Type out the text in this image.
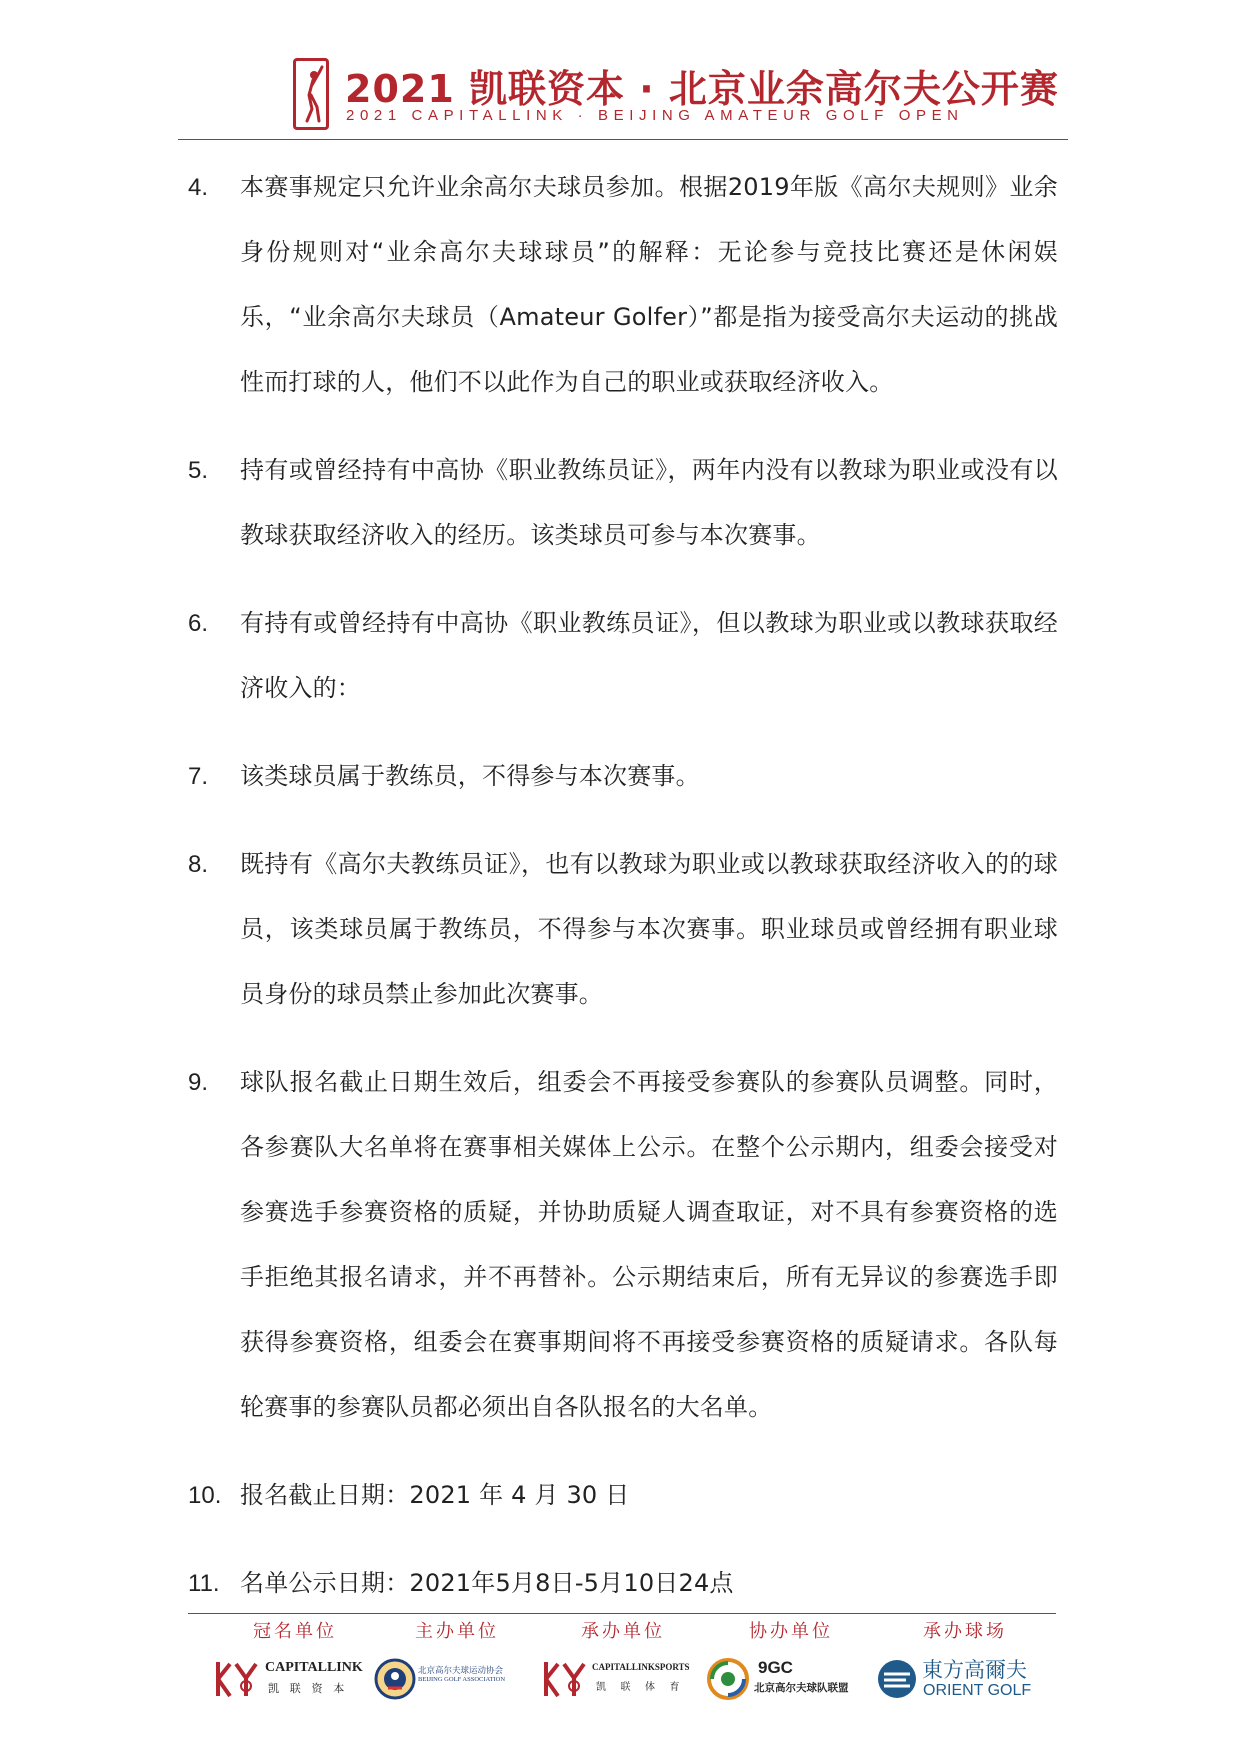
2021 凯联资本 · 北京业余高尔夫公开赛
2021 CAPITALLINK · BEIJING AMATEUR GOLF OPEN
4. 本赛事规定只允许业余高尔夫球员参加。根据2019年版《高尔夫规则》业余身份规则对“业余高尔夫球球员”的解释：无论参与竞技比赛还是休闲娱乐，“业余高尔夫球员（Amateur Golfer）”都是指为接受高尔夫运动的挑战性而打球的人，他们不以此作为自己的职业或获取经济收入。
5. 持有或曾经持有中高协《职业教练员证》，两年内没有以教球为职业或没有以教球获取经济收入的经历。该类球员可参与本次赛事。
6. 有持有或曾经持有中高协《职业教练员证》，但以教球为职业或以教球获取经济收入的：
7. 该类球员属于教练员，不得参与本次赛事。
8. 既持有《高尔夫教练员证》，也有以教球为职业或以教球获取经济收入的的球员，该类球员属于教练员，不得参与本次赛事。职业球员或曾经拥有职业球员身份的球员禁止参加此次赛事。
9. 球队报名截止日期生效后，组委会不再接受参赛队的参赛队员调整。同时，各参赛队大名单将在赛事相关媒体上公示。在整个公示期内，组委会接受对参赛选手参赛资格的质疑，并协助质疑人调查取证，对不具有参赛资格的选手拒绝其报名请求，并不再替补。公示期结束后，所有无异议的参赛选手即获得参赛资格，组委会在赛事期间将不再接受参赛资格的质疑请求。各队每轮赛事的参赛队员都必须出自各队报名的大名单。
10. 报名截止日期：2021 年 4 月 30 日
11. 名单公示日期：2021年5月8日-5月10日24点
冠名单位
CAPITALLINK
凯 联 资 本
主办单位
北京高尔夫球运动协会
BEIJING GOLF ASSOCIATION
承办单位
CAPITALLINKSPORTS
凯 联 体 育
协办单位
9GC
北京高尔夫球队联盟
承办球场
東方高爾夫
ORIENT GOLF
